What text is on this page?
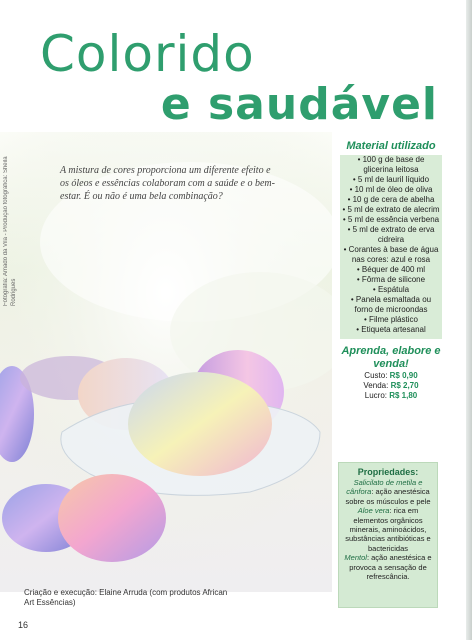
Colorido
e saudável
Fotografia: Amado da Vila - Produção fotográfica: Sheila Rodrigues
A mistura de cores proporciona um diferente efeito e os óleos e essências colaboram com a saúde e o bem-estar. É ou não é uma bela combinação?
Criação e execução: Elaine Arruda (com produtos African Art Essências)
16
Material utilizado
• 100 g de base de glicerina leitosa
• 5 ml de lauril líquido
• 10 ml de óleo de oliva
• 10 g de cera de abelha
• 5 ml de extrato de alecrim
• 5 ml de essência verbena
• 5 ml de extrato de erva cidreira
• Corantes à base de água nas cores: azul e rosa
• Béquer de 400 ml
• Fôrma de silicone
• Espátula
• Panela esmaltada ou forno de microondas
• Filme plástico
• Etiqueta artesanal
Aprenda, elabore e venda!
Custo: R$ 0,90
Venda: R$ 2,70
Lucro: R$ 1,80
Propriedades:
Salicilato de metila e cânfora: ação anestésica sobre os músculos e pele
Aloe vera: rica em elementos orgânicos minerais, aminoácidos, substâncias antibióticas e bactericidas
Mentol: ação anestésica e provoca a sensação de refrescância.
